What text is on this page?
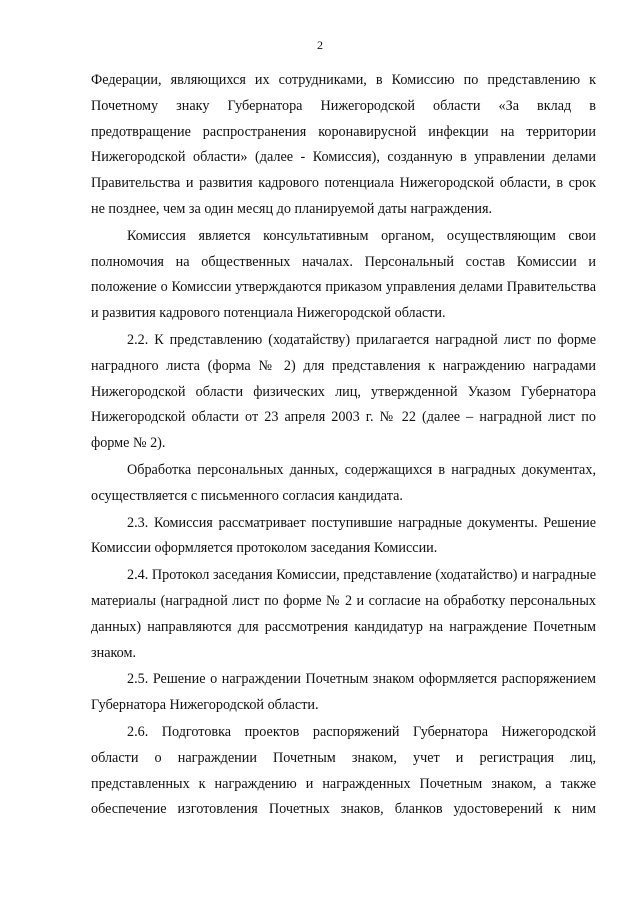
2

Федерации, являющихся их сотрудниками, в Комиссию по представлению к Почетному знаку Губернатора Нижегородской области «За вклад в предотвращение распространения коронавирусной инфекции на территории Нижегородской области» (далее - Комиссия), созданную в управлении делами Правительства и развития кадрового потенциала Нижегородской области, в срок не позднее, чем за один месяц до планируемой даты награждения.

Комиссия является консультативным органом, осуществляющим свои полномочия на общественных началах. Персональный состав Комиссии и положение о Комиссии утверждаются приказом управления делами Правительства и развития кадрового потенциала Нижегородской области.

2.2. К представлению (ходатайству) прилагается наградной лист по форме наградного листа (форма № 2) для представления к награждению наградами Нижегородской области физических лиц, утвержденной Указом Губернатора Нижегородской области от 23 апреля 2003 г. № 22 (далее – наградной лист по форме № 2).

Обработка персональных данных, содержащихся в наградных документах, осуществляется с письменного согласия кандидата.

2.3. Комиссия рассматривает поступившие наградные документы. Решение Комиссии оформляется протоколом заседания Комиссии.

2.4. Протокол заседания Комиссии, представление (ходатайство) и наградные материалы (наградной лист по форме № 2 и согласие на обработку персональных данных) направляются для рассмотрения кандидатур на награждение Почетным знаком.

2.5. Решение о награждении Почетным знаком оформляется распоряжением Губернатора Нижегородской области.

2.6. Подготовка проектов распоряжений Губернатора Нижегородской области о награждении Почетным знаком, учет и регистрация лиц, представленных к награждению и награжденных Почетным знаком, а также обеспечение изготовления Почетных знаков, бланков удостоверений к ним
